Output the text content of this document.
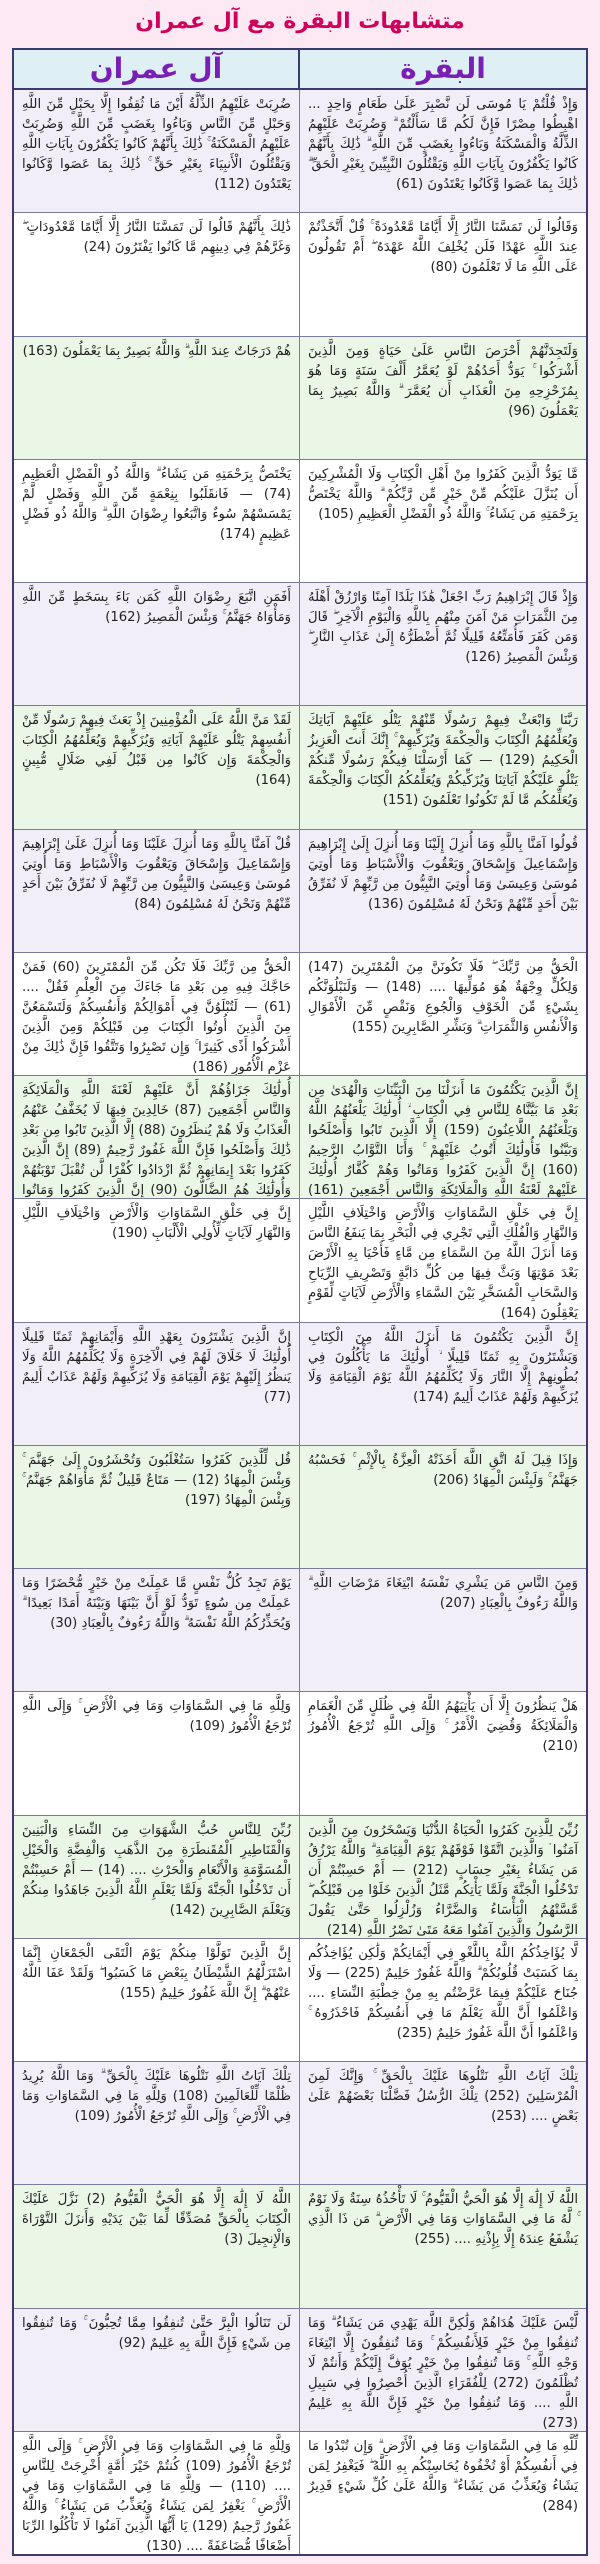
متشابهات البقرة مع آل عمران
البقرة
آل عمران
وَإِذْ قُلْتُمْ يَا مُوسَى لَن نَّصْبِرَ عَلَىٰ طَعَامٍ وَاحِدٍ ... اهْبِطُوا مِصْرًا فَإِنَّ لَكُم مَّا سَأَلْتُمْ ۗ وَضُرِبَتْ عَلَيْهِمُ الذِّلَّةُ وَالْمَسْكَنَةُ وَبَاءُوا بِغَضَبٍ مِّنَ اللَّهِ ۗ ذَٰلِكَ بِأَنَّهُمْ كَانُوا يَكْفُرُونَ بِآيَاتِ اللَّهِ وَيَقْتُلُونَ النَّبِيِّينَ بِغَيْرِ الْحَقِّ ۗ ذَٰلِكَ بِمَا عَصَوا وَّكَانُوا يَعْتَدُونَ (61)
ضُرِبَتْ عَلَيْهِمُ الذِّلَّةُ أَيْنَ مَا ثُقِفُوا إِلَّا بِحَبْلٍ مِّنَ اللَّهِ وَحَبْلٍ مِّنَ النَّاسِ وَبَاءُوا بِغَضَبٍ مِّنَ اللَّهِ وَضُرِبَتْ عَلَيْهِمُ الْمَسْكَنَةُ ۚ ذَٰلِكَ بِأَنَّهُمْ كَانُوا يَكْفُرُونَ بِآيَاتِ اللَّهِ وَيَقْتُلُونَ الْأَنبِيَاءَ بِغَيْرِ حَقٍّ ۚ ذَٰلِكَ بِمَا عَصَوا وَّكَانُوا يَعْتَدُونَ (112)
وَقَالُوا لَن تَمَسَّنَا النَّارُ إِلَّا أَيَّامًا مَّعْدُودَةً ۚ قُلْ أَتَّخَذْتُمْ عِندَ اللَّهِ عَهْدًا فَلَن يُخْلِفَ اللَّهُ عَهْدَهُ ۖ أَمْ تَقُولُونَ عَلَى اللَّهِ مَا لَا تَعْلَمُونَ (80)
ذَٰلِكَ بِأَنَّهُمْ قَالُوا لَن تَمَسَّنَا النَّارُ إِلَّا أَيَّامًا مَّعْدُودَاتٍ ۖ وَغَرَّهُمْ فِي دِينِهِم مَّا كَانُوا يَفْتَرُونَ (24)
وَلَتَجِدَنَّهُمْ أَحْرَصَ النَّاسِ عَلَىٰ حَيَاةٍ وَمِنَ الَّذِينَ أَشْرَكُوا ۚ يَوَدُّ أَحَدُهُمْ لَوْ يُعَمَّرُ أَلْفَ سَنَةٍ وَمَا هُوَ بِمُزَحْزِحِهِ مِنَ الْعَذَابِ أَن يُعَمَّرَ ۗ وَاللَّهُ بَصِيرٌ بِمَا يَعْمَلُونَ (96)
هُمْ دَرَجَاتٌ عِندَ اللَّهِ ۗ وَاللَّهُ بَصِيرٌ بِمَا يَعْمَلُونَ (163)
مَّا يَوَدُّ الَّذِينَ كَفَرُوا مِنْ أَهْلِ الْكِتَابِ وَلَا الْمُشْرِكِينَ أَن يُنَزَّلَ عَلَيْكُم مِّنْ خَيْرٍ مِّن رَّبِّكُمْ ۗ وَاللَّهُ يَخْتَصُّ بِرَحْمَتِهِ مَن يَشَاءُ ۚ وَاللَّهُ ذُو الْفَضْلِ الْعَظِيمِ (105)
يَخْتَصُّ بِرَحْمَتِهِ مَن يَشَاءُ ۗ وَاللَّهُ ذُو الْفَضْلِ الْعَظِيمِ (74) — فَانقَلَبُوا بِنِعْمَةٍ مِّنَ اللَّهِ وَفَضْلٍ لَّمْ يَمْسَسْهُمْ سُوءٌ وَاتَّبَعُوا رِضْوَانَ اللَّهِ ۗ وَاللَّهُ ذُو فَضْلٍ عَظِيمٍ (174)
وَإِذْ قَالَ إِبْرَاهِيمُ رَبِّ اجْعَلْ هَٰذَا بَلَدًا آمِنًا وَارْزُقْ أَهْلَهُ مِنَ الثَّمَرَاتِ مَنْ آمَنَ مِنْهُم بِاللَّهِ وَالْيَوْمِ الْآخِرِ ۖ قَالَ وَمَن كَفَرَ فَأُمَتِّعُهُ قَلِيلًا ثُمَّ أَضْطَرُّهُ إِلَىٰ عَذَابِ النَّارِ ۖ وَبِئْسَ الْمَصِيرُ (126)
أَفَمَنِ اتَّبَعَ رِضْوَانَ اللَّهِ كَمَن بَاءَ بِسَخَطٍ مِّنَ اللَّهِ وَمَأْوَاهُ جَهَنَّمُ ۚ وَبِئْسَ الْمَصِيرُ (162)
رَبَّنَا وَابْعَثْ فِيهِمْ رَسُولًا مِّنْهُمْ يَتْلُو عَلَيْهِمْ آيَاتِكَ وَيُعَلِّمُهُمُ الْكِتَابَ وَالْحِكْمَةَ وَيُزَكِّيهِمْ ۚ إِنَّكَ أَنتَ الْعَزِيزُ الْحَكِيمُ (129) — كَمَا أَرْسَلْنَا فِيكُمْ رَسُولًا مِّنكُمْ يَتْلُو عَلَيْكُمْ آيَاتِنَا وَيُزَكِّيكُمْ وَيُعَلِّمُكُمُ الْكِتَابَ وَالْحِكْمَةَ وَيُعَلِّمُكُم مَّا لَمْ تَكُونُوا تَعْلَمُونَ (151)
لَقَدْ مَنَّ اللَّهُ عَلَى الْمُؤْمِنِينَ إِذْ بَعَثَ فِيهِمْ رَسُولًا مِّنْ أَنفُسِهِمْ يَتْلُو عَلَيْهِمْ آيَاتِهِ وَيُزَكِّيهِمْ وَيُعَلِّمُهُمُ الْكِتَابَ وَالْحِكْمَةَ وَإِن كَانُوا مِن قَبْلُ لَفِي ضَلَالٍ مُّبِينٍ (164)
قُولُوا آمَنَّا بِاللَّهِ وَمَا أُنزِلَ إِلَيْنَا وَمَا أُنزِلَ إِلَىٰ إِبْرَاهِيمَ وَإِسْمَاعِيلَ وَإِسْحَاقَ وَيَعْقُوبَ وَالْأَسْبَاطِ وَمَا أُوتِيَ مُوسَىٰ وَعِيسَىٰ وَمَا أُوتِيَ النَّبِيُّونَ مِن رَّبِّهِمْ لَا نُفَرِّقُ بَيْنَ أَحَدٍ مِّنْهُمْ وَنَحْنُ لَهُ مُسْلِمُونَ (136)
قُلْ آمَنَّا بِاللَّهِ وَمَا أُنزِلَ عَلَيْنَا وَمَا أُنزِلَ عَلَىٰ إِبْرَاهِيمَ وَإِسْمَاعِيلَ وَإِسْحَاقَ وَيَعْقُوبَ وَالْأَسْبَاطِ وَمَا أُوتِيَ مُوسَىٰ وَعِيسَىٰ وَالنَّبِيُّونَ مِن رَّبِّهِمْ لَا نُفَرِّقُ بَيْنَ أَحَدٍ مِّنْهُمْ وَنَحْنُ لَهُ مُسْلِمُونَ (84)
الْحَقُّ مِن رَّبِّكَ ۖ فَلَا تَكُونَنَّ مِنَ الْمُمْتَرِينَ (147) وَلِكُلٍّ وِجْهَةٌ هُوَ مُوَلِّيهَا .... (148) — وَلَنَبْلُوَنَّكُم بِشَيْءٍ مِّنَ الْخَوْفِ وَالْجُوعِ وَنَقْصٍ مِّنَ الْأَمْوَالِ وَالْأَنفُسِ وَالثَّمَرَاتِ ۗ وَبَشِّرِ الصَّابِرِينَ (155)
الْحَقُّ مِن رَّبِّكَ فَلَا تَكُن مِّنَ الْمُمْتَرِينَ (60) فَمَنْ حَاجَّكَ فِيهِ مِن بَعْدِ مَا جَاءَكَ مِنَ الْعِلْمِ فَقُلْ .... (61) — لَتُبْلَوُنَّ فِي أَمْوَالِكُمْ وَأَنفُسِكُمْ وَلَتَسْمَعُنَّ مِنَ الَّذِينَ أُوتُوا الْكِتَابَ مِن قَبْلِكُمْ وَمِنَ الَّذِينَ أَشْرَكُوا أَذًى كَثِيرًا ۚ وَإِن تَصْبِرُوا وَتَتَّقُوا فَإِنَّ ذَٰلِكَ مِنْ عَزْمِ الْأُمُورِ (186)
إِنَّ الَّذِينَ يَكْتُمُونَ مَا أَنزَلْنَا مِنَ الْبَيِّنَاتِ وَالْهُدَىٰ مِن بَعْدِ مَا بَيَّنَّاهُ لِلنَّاسِ فِي الْكِتَابِ ۙ أُولَٰئِكَ يَلْعَنُهُمُ اللَّهُ وَيَلْعَنُهُمُ اللَّاعِنُونَ (159) إِلَّا الَّذِينَ تَابُوا وَأَصْلَحُوا وَبَيَّنُوا فَأُولَٰئِكَ أَتُوبُ عَلَيْهِمْ ۚ وَأَنَا التَّوَّابُ الرَّحِيمُ (160) إِنَّ الَّذِينَ كَفَرُوا وَمَاتُوا وَهُمْ كُفَّارٌ أُولَٰئِكَ عَلَيْهِمْ لَعْنَةُ اللَّهِ وَالْمَلَائِكَةِ وَالنَّاسِ أَجْمَعِينَ (161)
أُولَٰئِكَ جَزَاؤُهُمْ أَنَّ عَلَيْهِمْ لَعْنَةَ اللَّهِ وَالْمَلَائِكَةِ وَالنَّاسِ أَجْمَعِينَ (87) خَالِدِينَ فِيهَا لَا يُخَفَّفُ عَنْهُمُ الْعَذَابُ وَلَا هُمْ يُنظَرُونَ (88) إِلَّا الَّذِينَ تَابُوا مِن بَعْدِ ذَٰلِكَ وَأَصْلَحُوا فَإِنَّ اللَّهَ غَفُورٌ رَّحِيمٌ (89) إِنَّ الَّذِينَ كَفَرُوا بَعْدَ إِيمَانِهِمْ ثُمَّ ازْدَادُوا كُفْرًا لَّن تُقْبَلَ تَوْبَتُهُمْ وَأُولَٰئِكَ هُمُ الضَّالُّونَ (90) إِنَّ الَّذِينَ كَفَرُوا وَمَاتُوا
إِنَّ فِي خَلْقِ السَّمَاوَاتِ وَالْأَرْضِ وَاخْتِلَافِ اللَّيْلِ وَالنَّهَارِ وَالْفُلْكِ الَّتِي تَجْرِي فِي الْبَحْرِ بِمَا يَنفَعُ النَّاسَ وَمَا أَنزَلَ اللَّهُ مِنَ السَّمَاءِ مِن مَّاءٍ فَأَحْيَا بِهِ الْأَرْضَ بَعْدَ مَوْتِهَا وَبَثَّ فِيهَا مِن كُلِّ دَابَّةٍ وَتَصْرِيفِ الرِّيَاحِ وَالسَّحَابِ الْمُسَخَّرِ بَيْنَ السَّمَاءِ وَالْأَرْضِ لَآيَاتٍ لِّقَوْمٍ يَعْقِلُونَ (164)
إِنَّ فِي خَلْقِ السَّمَاوَاتِ وَالْأَرْضِ وَاخْتِلَافِ اللَّيْلِ وَالنَّهَارِ لَآيَاتٍ لِّأُولِي الْأَلْبَابِ (190)
إِنَّ الَّذِينَ يَكْتُمُونَ مَا أَنزَلَ اللَّهُ مِنَ الْكِتَابِ وَيَشْتَرُونَ بِهِ ثَمَنًا قَلِيلًا ۙ أُولَٰئِكَ مَا يَأْكُلُونَ فِي بُطُونِهِمْ إِلَّا النَّارَ وَلَا يُكَلِّمُهُمُ اللَّهُ يَوْمَ الْقِيَامَةِ وَلَا يُزَكِّيهِمْ وَلَهُمْ عَذَابٌ أَلِيمٌ (174)
إِنَّ الَّذِينَ يَشْتَرُونَ بِعَهْدِ اللَّهِ وَأَيْمَانِهِمْ ثَمَنًا قَلِيلًا أُولَٰئِكَ لَا خَلَاقَ لَهُمْ فِي الْآخِرَةِ وَلَا يُكَلِّمُهُمُ اللَّهُ وَلَا يَنظُرُ إِلَيْهِمْ يَوْمَ الْقِيَامَةِ وَلَا يُزَكِّيهِمْ وَلَهُمْ عَذَابٌ أَلِيمٌ (77)
وَإِذَا قِيلَ لَهُ اتَّقِ اللَّهَ أَخَذَتْهُ الْعِزَّةُ بِالْإِثْمِ ۚ فَحَسْبُهُ جَهَنَّمُ ۚ وَلَبِئْسَ الْمِهَادُ (206)
قُل لِّلَّذِينَ كَفَرُوا سَتُغْلَبُونَ وَتُحْشَرُونَ إِلَىٰ جَهَنَّمَ ۚ وَبِئْسَ الْمِهَادُ (12) — مَتَاعٌ قَلِيلٌ ثُمَّ مَأْوَاهُمْ جَهَنَّمُ ۚ وَبِئْسَ الْمِهَادُ (197)
وَمِنَ النَّاسِ مَن يَشْرِي نَفْسَهُ ابْتِغَاءَ مَرْضَاتِ اللَّهِ ۗ وَاللَّهُ رَءُوفٌ بِالْعِبَادِ (207)
يَوْمَ تَجِدُ كُلُّ نَفْسٍ مَّا عَمِلَتْ مِنْ خَيْرٍ مُّحْضَرًا وَمَا عَمِلَتْ مِن سُوءٍ تَوَدُّ لَوْ أَنَّ بَيْنَهَا وَبَيْنَهُ أَمَدًا بَعِيدًا ۗ وَيُحَذِّرُكُمُ اللَّهُ نَفْسَهُ ۗ وَاللَّهُ رَءُوفٌ بِالْعِبَادِ (30)
هَلْ يَنظُرُونَ إِلَّا أَن يَأْتِيَهُمُ اللَّهُ فِي ظُلَلٍ مِّنَ الْغَمَامِ وَالْمَلَائِكَةُ وَقُضِيَ الْأَمْرُ ۚ وَإِلَى اللَّهِ تُرْجَعُ الْأُمُورُ (210)
وَلِلَّهِ مَا فِي السَّمَاوَاتِ وَمَا فِي الْأَرْضِ ۚ وَإِلَى اللَّهِ تُرْجَعُ الْأُمُورُ (109)
زُيِّنَ لِلَّذِينَ كَفَرُوا الْحَيَاةُ الدُّنْيَا وَيَسْخَرُونَ مِنَ الَّذِينَ آمَنُوا ۘ وَالَّذِينَ اتَّقَوْا فَوْقَهُمْ يَوْمَ الْقِيَامَةِ ۗ وَاللَّهُ يَرْزُقُ مَن يَشَاءُ بِغَيْرِ حِسَابٍ (212) — أَمْ حَسِبْتُمْ أَن تَدْخُلُوا الْجَنَّةَ وَلَمَّا يَأْتِكُم مَّثَلُ الَّذِينَ خَلَوْا مِن قَبْلِكُم ۖ مَّسَّتْهُمُ الْبَأْسَاءُ وَالضَّرَّاءُ وَزُلْزِلُوا حَتَّىٰ يَقُولَ الرَّسُولُ وَالَّذِينَ آمَنُوا مَعَهُ مَتَىٰ نَصْرُ اللَّهِ (214)
زُيِّنَ لِلنَّاسِ حُبُّ الشَّهَوَاتِ مِنَ النِّسَاءِ وَالْبَنِينَ وَالْقَنَاطِيرِ الْمُقَنطَرَةِ مِنَ الذَّهَبِ وَالْفِضَّةِ وَالْخَيْلِ الْمُسَوَّمَةِ وَالْأَنْعَامِ وَالْحَرْثِ .... (14) — أَمْ حَسِبْتُمْ أَن تَدْخُلُوا الْجَنَّةَ وَلَمَّا يَعْلَمِ اللَّهُ الَّذِينَ جَاهَدُوا مِنكُمْ وَيَعْلَمَ الصَّابِرِينَ (142)
لَّا يُؤَاخِذُكُمُ اللَّهُ بِاللَّغْوِ فِي أَيْمَانِكُمْ وَلَٰكِن يُؤَاخِذُكُم بِمَا كَسَبَتْ قُلُوبُكُمْ ۗ وَاللَّهُ غَفُورٌ حَلِيمٌ (225) — وَلَا جُنَاحَ عَلَيْكُمْ فِيمَا عَرَّضْتُم بِهِ مِنْ خِطْبَةِ النِّسَاءِ .... وَاعْلَمُوا أَنَّ اللَّهَ يَعْلَمُ مَا فِي أَنفُسِكُمْ فَاحْذَرُوهُ ۚ وَاعْلَمُوا أَنَّ اللَّهَ غَفُورٌ حَلِيمٌ (235)
إِنَّ الَّذِينَ تَوَلَّوْا مِنكُمْ يَوْمَ الْتَقَى الْجَمْعَانِ إِنَّمَا اسْتَزَلَّهُمُ الشَّيْطَانُ بِبَعْضِ مَا كَسَبُوا ۖ وَلَقَدْ عَفَا اللَّهُ عَنْهُمْ ۗ إِنَّ اللَّهَ غَفُورٌ حَلِيمٌ (155)
تِلْكَ آيَاتُ اللَّهِ نَتْلُوهَا عَلَيْكَ بِالْحَقِّ ۚ وَإِنَّكَ لَمِنَ الْمُرْسَلِينَ (252) تِلْكَ الرُّسُلُ فَضَّلْنَا بَعْضَهُمْ عَلَىٰ بَعْضٍ .... (253)
تِلْكَ آيَاتُ اللَّهِ نَتْلُوهَا عَلَيْكَ بِالْحَقِّ ۗ وَمَا اللَّهُ يُرِيدُ ظُلْمًا لِّلْعَالَمِينَ (108) وَلِلَّهِ مَا فِي السَّمَاوَاتِ وَمَا فِي الْأَرْضِ ۚ وَإِلَى اللَّهِ تُرْجَعُ الْأُمُورُ (109)
اللَّهُ لَا إِلَٰهَ إِلَّا هُوَ الْحَيُّ الْقَيُّومُ ۚ لَا تَأْخُذُهُ سِنَةٌ وَلَا نَوْمٌ ۚ لَّهُ مَا فِي السَّمَاوَاتِ وَمَا فِي الْأَرْضِ ۗ مَن ذَا الَّذِي يَشْفَعُ عِندَهُ إِلَّا بِإِذْنِهِ .... (255)
اللَّهُ لَا إِلَٰهَ إِلَّا هُوَ الْحَيُّ الْقَيُّومُ (2) نَزَّلَ عَلَيْكَ الْكِتَابَ بِالْحَقِّ مُصَدِّقًا لِّمَا بَيْنَ يَدَيْهِ وَأَنزَلَ التَّوْرَاةَ وَالْإِنجِيلَ (3)
لَّيْسَ عَلَيْكَ هُدَاهُمْ وَلَٰكِنَّ اللَّهَ يَهْدِي مَن يَشَاءُ ۗ وَمَا تُنفِقُوا مِنْ خَيْرٍ فَلِأَنفُسِكُمْ ۚ وَمَا تُنفِقُونَ إِلَّا ابْتِغَاءَ وَجْهِ اللَّهِ ۚ وَمَا تُنفِقُوا مِنْ خَيْرٍ يُوَفَّ إِلَيْكُمْ وَأَنتُمْ لَا تُظْلَمُونَ (272) لِلْفُقَرَاءِ الَّذِينَ أُحْصِرُوا فِي سَبِيلِ اللَّهِ .... وَمَا تُنفِقُوا مِنْ خَيْرٍ فَإِنَّ اللَّهَ بِهِ عَلِيمٌ (273)
لَن تَنَالُوا الْبِرَّ حَتَّىٰ تُنفِقُوا مِمَّا تُحِبُّونَ ۚ وَمَا تُنفِقُوا مِن شَيْءٍ فَإِنَّ اللَّهَ بِهِ عَلِيمٌ (92)
لِّلَّهِ مَا فِي السَّمَاوَاتِ وَمَا فِي الْأَرْضِ ۗ وَإِن تُبْدُوا مَا فِي أَنفُسِكُمْ أَوْ تُخْفُوهُ يُحَاسِبْكُم بِهِ اللَّهُ ۖ فَيَغْفِرُ لِمَن يَشَاءُ وَيُعَذِّبُ مَن يَشَاءُ ۗ وَاللَّهُ عَلَىٰ كُلِّ شَيْءٍ قَدِيرٌ (284)
وَلِلَّهِ مَا فِي السَّمَاوَاتِ وَمَا فِي الْأَرْضِ ۚ وَإِلَى اللَّهِ تُرْجَعُ الْأُمُورُ (109) كُنتُمْ خَيْرَ أُمَّةٍ أُخْرِجَتْ لِلنَّاسِ .... (110) — وَلِلَّهِ مَا فِي السَّمَاوَاتِ وَمَا فِي الْأَرْضِ ۚ يَغْفِرُ لِمَن يَشَاءُ وَيُعَذِّبُ مَن يَشَاءُ ۚ وَاللَّهُ غَفُورٌ رَّحِيمٌ (129) يَا أَيُّهَا الَّذِينَ آمَنُوا لَا تَأْكُلُوا الرِّبَا أَضْعَافًا مُّضَاعَفَةً .... (130)
